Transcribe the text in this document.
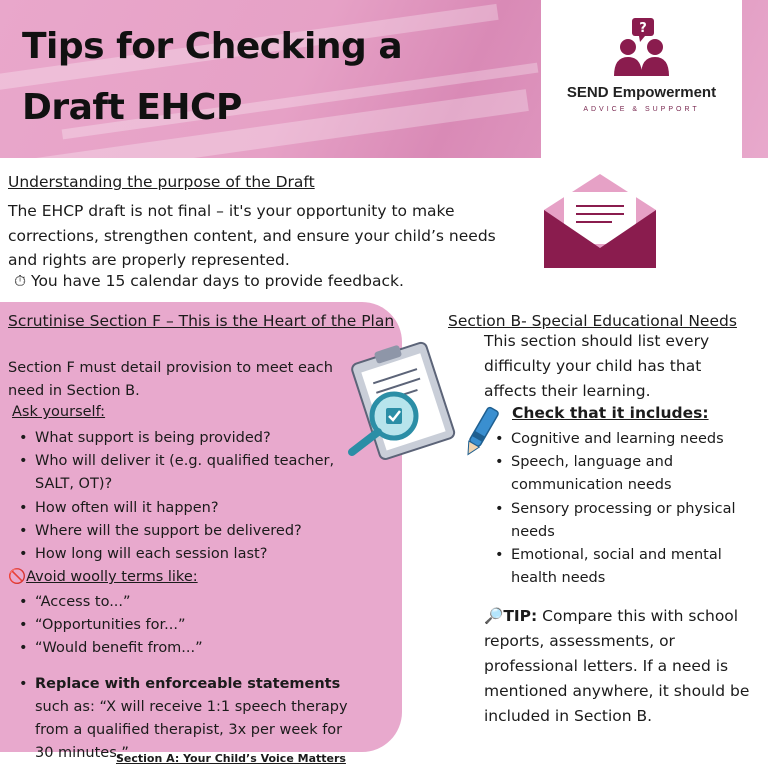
Tips for Checking a
Draft EHCP
?
SEND Empowerment
ADVICE & SUPPORT
Understanding the purpose of the Draft

The EHCP draft is not final – it's your opportunity to make corrections, strengthen content, and ensure your child’s needs and rights are properly represented.

⏱ You have 15 calendar days to provide feedback.
Scrutinise Section F – This is the Heart of the Plan

Section F must detail provision to meet each need in Section B.

Ask yourself:
• What support is being provided?
• Who will deliver it (e.g. qualified teacher, SALT, OT)?
• How often will it happen?
• Where will the support be delivered?
• How long will each session last?
🚫Avoid woolly terms like:
• “Access to...”
• “Opportunities for...”
• “Would benefit from...”
• Replace with enforceable statements such as: “X will receive 1:1 speech therapy from a qualified therapist, 3x per week for 30 minutes.”
Section B- Special Educational Needs

This section should list every difficulty your child has that affects their learning.

Check that it includes:
• Cognitive and learning needs
• Speech, language and communication needs
• Sensory processing or physical needs
• Emotional, social and mental health needs

🔎TIP: Compare this with school reports, assessments, or professional letters. If a need is mentioned anywhere, it should be included in Section B.

Section A: Your Child’s Voice Matters
